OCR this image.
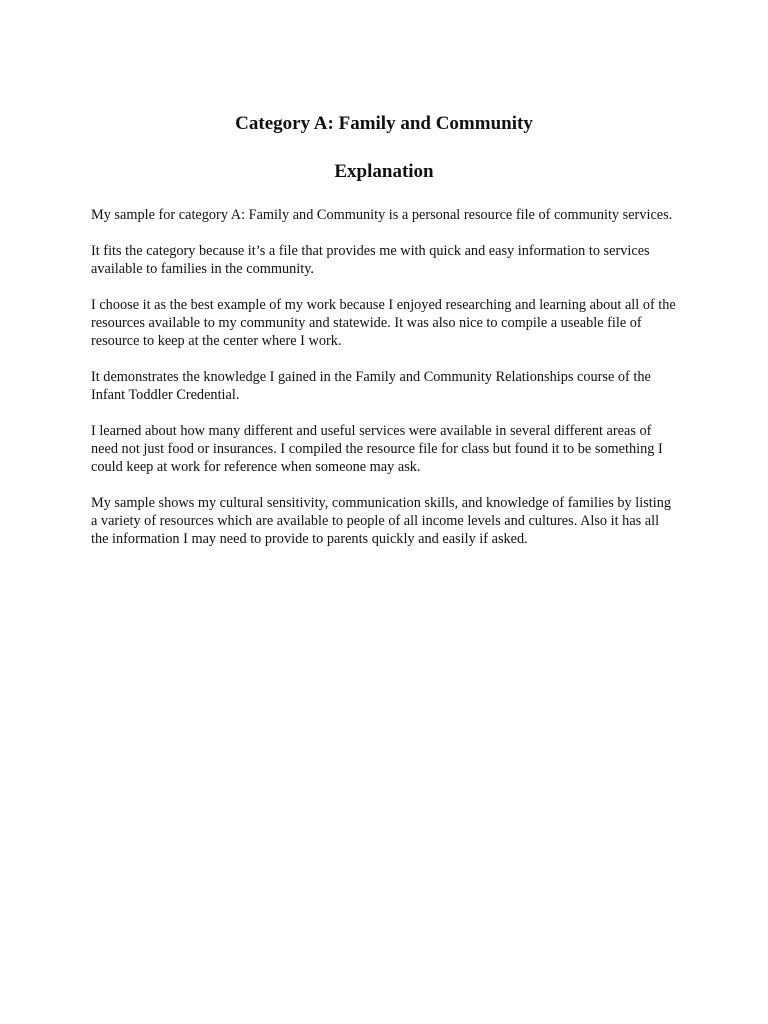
Category A: Family and Community
Explanation

My sample for category A: Family and Community is a personal resource file of community services.

It fits the category because it’s a file that provides me with quick and easy information to services available to families in the community.

I choose it as the best example of my work because I enjoyed researching and learning about all of the resources available to my community and statewide. It was also nice to compile a useable file of resource to keep at the center where I work.

It demonstrates the knowledge I gained in the Family and Community Relationships course of the Infant Toddler Credential.

I learned about how many different and useful services were available in several different areas of need not just food or insurances. I compiled the resource file for class but found it to be something I could keep at work for reference when someone may ask.

My sample shows my cultural sensitivity, communication skills, and knowledge of families by listing a variety of resources which are available to people of all income levels and cultures. Also it has all the information I may need to provide to parents quickly and easily if asked.
